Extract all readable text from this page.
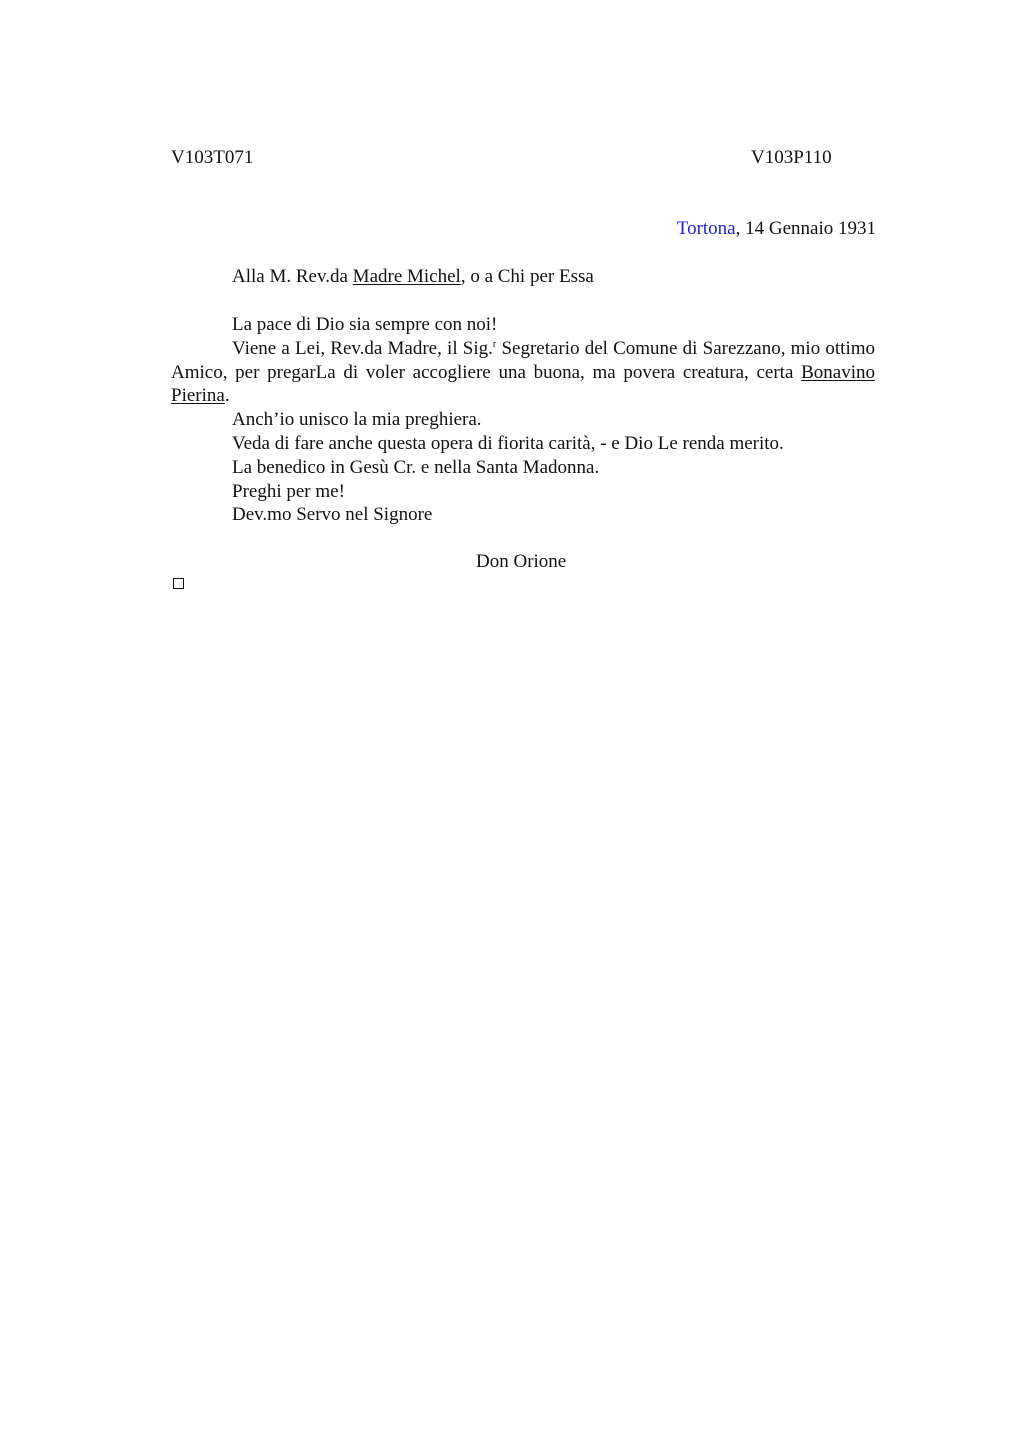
V103T071	V103P110
Tortona, 14 Gennaio 1931
Alla M. Rev.da Madre Michel, o a Chi per Essa

La pace di Dio sia sempre con noi!

Viene a Lei, Rev.da Madre, il Sig.$^r$ Segretario del Comune di Sarezzano, mio ottimo Amico, per pregarLa di voler accogliere una buona, ma povera creatura, certa Bonavino Pierina.

Anch’io unisco la mia preghiera.

Veda di fare anche questa opera di fiorita carità, - e Dio Le renda merito.

La benedico in Gesù Cr. e nella Santa Madonna.

Preghi per me!

Dev.mo Servo nel Signore

Don Orione
